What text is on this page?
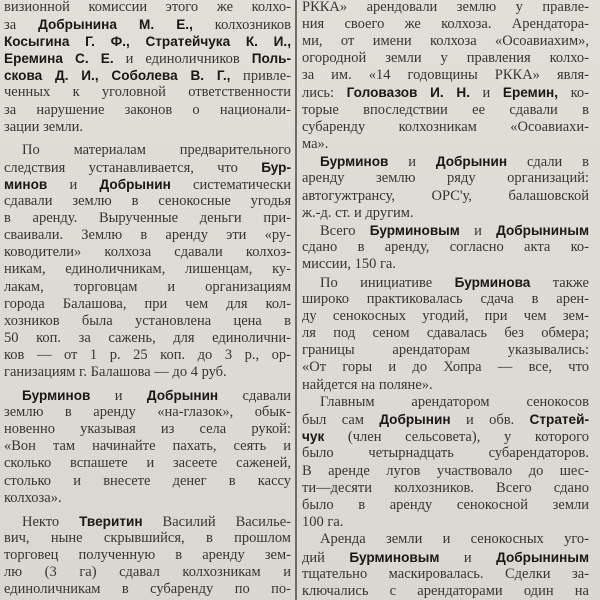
визионной комиссии этого же колхо-
за Добрынина М. Е., колхозников
Косыгина Г. Ф., Стратейчука К. И.,
Еремина С. Е. и единоличников Поль-
скова Д. И., Соболева В. Г., привле-
ченных к уголовной ответственности
за нарушение законов о национали-
зации земли.
По материалам предварительного
следствия устанавливается, что Бур-
минов и Добрынин систематически
сдавали землю в сенокосные угодья
в аренду. Вырученные деньги при-
сваивали. Землю в аренду эти «ру-
ководители» колхоза сдавали колхоз-
никам, единоличникам, лишенцам, ку-
лакам, торговцам и организациям
города Балашова, при чем для кол-
хозников была установлена цена в
50 коп. за сажень, для единолични-
ков — от 1 р. 25 коп. до 3 р., ор-
ганизациям г. Балашова — до 4 руб.
Бурминов и Добрынин сдавали
землю в аренду «на-глазок», обык-
новенно указывая из села рукой:
«Вон там начинайте пахать, сеять и
сколько вспашете и засеете саженей,
столько и внесете денег в кассу
колхоза».
Некто Тверитин Василий Василье-
вич, ныне скрывшийся, в прошлом
торговец полученную в аренду зем-
лю (3 га) сдавал колхозникам и
единоличникам в субаренду по по-
РККА» арендовали землю у правле-
ния своего же колхоза. Арендатора-
ми, от имени колхоза «Осоавиахим»,
огородной земли у правления колхо-
за им. «14 годовщины РККА» явля-
лись: Головазов И. Н. и Еремин, ко-
торые впоследствии ее сдавали в
субаренду колхозникам «Осоавиахи-
ма».
Бурминов и Добрынин сдали в
аренду землю ряду организаций:
автогужтрансу, ОРС'у, балашовской
ж.-д. ст. и другим.
Всего Бурминовым и Добрыниным
сдано в аренду, согласно акта ко-
миссии, 150 га.
По инициативе Бурминова также
широко практиковалась сдача в арен-
ду сенокосных угодий, при чем зем-
ля под сеном сдавалась без обмера;
границы арендаторам указывались:
«От горы и до Хопра — все, что
найдется на поляне».
Главным арендатором сенокосов
был сам Добрынин и обв. Стратей-
чук (член сельсовета), у которого
было четырнадцать субарендаторов.
В аренде лугов участвовало до шес-
ти—десяти колхозников. Всего сдано
было в аренду сенокосной земли
100 га.
Аренда земли и сенокосных уго-
дий Бурминовым и Добрыниным
тщательно маскировалась. Сделки за-
ключались с арендаторами один на
